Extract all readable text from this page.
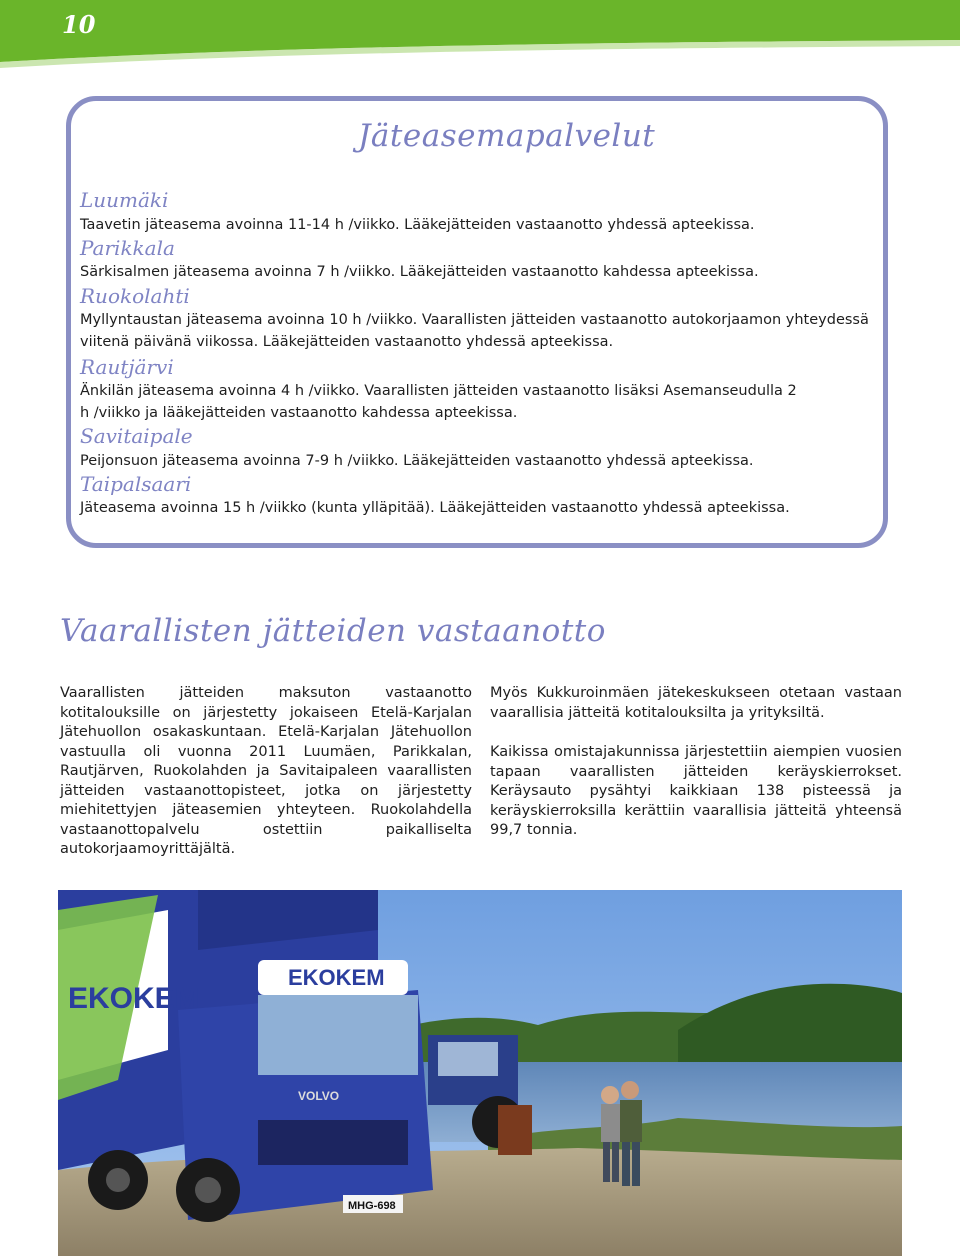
10
Jäteasemapalvelut
Luumäki
Taavetin jäteasema avoinna 11-14 h /viikko. Lääkejätteiden vastaanotto yhdessä apteekissa.
Parikkala
Särkisalmen jäteasema avoinna 7 h /viikko. Lääkejätteiden vastaanotto kahdessa apteekissa.
Ruokolahti
Myllyntaustan jäteasema avoinna 10 h /viikko. Vaarallisten jätteiden vastaanotto autokorjaamon yhteydessä viitenä päivänä viikossa. Lääkejätteiden vastaanotto yhdessä apteekissa.
Rautjärvi
Änkilän jäteasema avoinna 4 h /viikko. Vaarallisten jätteiden vastaanotto lisäksi Asemanseudulla 2 h /viikko ja lääkejätteiden vastaanotto kahdessa apteekissa.
Savitaipale
Peijonsuon jäteasema avoinna 7-9 h /viikko. Lääkejätteiden vastaanotto yhdessä apteekissa.
Taipalsaari
Jäteasema avoinna 15 h /viikko (kunta ylläpitää). Lääkejätteiden vastaanotto yhdessä apteekissa.
Vaarallisten jätteiden vastaanotto

Vaarallisten jätteiden maksuton vastaanotto kotitalouksille on järjestetty jokaiseen Etelä-Karjalan Jätehuollon osakaskuntaan. Etelä-Karjalan Jätehuollon vastuulla oli vuonna 2011 Luumäen, Parikkalan, Rautjärven, Ruokolahden ja Savitaipaleen vaarallisten jätteiden vastaanottopisteet, jotka on järjestetty miehitettyjen jäteasemien yhteyteen. Ruokolahdella vastaanottopalvelu ostettiin paikalliselta autokorjaamoyrittäjältä.

Myös Kukkuroinmäen jätekeskukseen otetaan vastaan vaarallisia jätteitä kotitalouksilta ja yrityksiltä.

Kaikissa omistajakunnissa järjestettiin aiempien vuosien tapaan vaarallisten jätteiden keräyskierrokset. Keräysauto pysähtyi kaikkiaan 138 pisteessä ja keräyskierroksilla kerättiin vaarallisia jätteitä yhteensä 99,7 tonnia.

EKOKEM
VOLVO
MHG-698
EKOKEM
